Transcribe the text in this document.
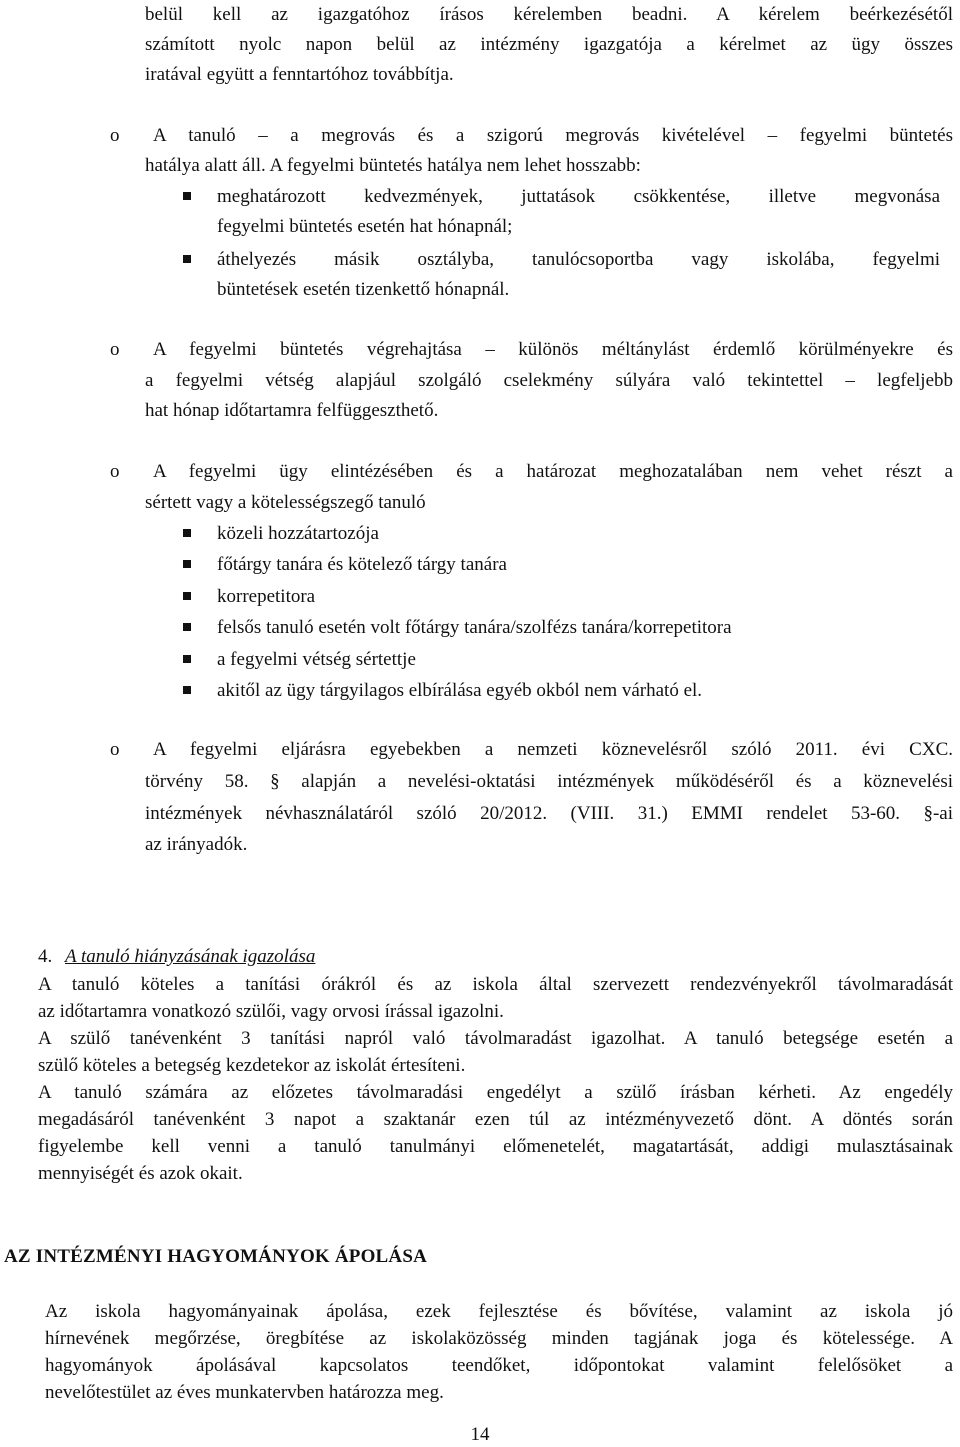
belül kell az igazgatóhoz írásos kérelemben beadni. A kérelem beérkezésétől
számított nyolc napon belül az intézmény igazgatója a kérelmet az ügy összes
iratával együtt a fenntartóhoz továbbítja.
o A tanuló – a megrovás és a szigorú megrovás kivételével – fegyelmi büntetés
hatálya alatt áll. A fegyelmi büntetés hatálya nem lehet hosszabb:
meghatározott kedvezmények, juttatások csökkentése, illetve megvonása
fegyelmi büntetés esetén hat hónapnál;
áthelyezés másik osztályba, tanulócsoportba vagy iskolába, fegyelmi
büntetések esetén tizenkettő hónapnál.
o A fegyelmi büntetés végrehajtása – különös méltánylást érdemlő körülményekre és
a fegyelmi vétség alapjául szolgáló cselekmény súlyára való tekintettel – legfeljebb
hat hónap időtartamra felfüggeszthető.
o A fegyelmi ügy elintézésében és a határozat meghozatalában nem vehet részt a
sértett vagy a kötelességszegő tanuló
közeli hozzátartozója
főtárgy tanára és kötelező tárgy tanára
korrepetitora
felsős tanuló esetén volt főtárgy tanára/szolfézs tanára/korrepetitora
a fegyelmi vétség sértettje
akitől az ügy tárgyilagos elbírálása egyéb okból nem várható el.
o A fegyelmi eljárásra egyebekben a nemzeti köznevelésről szóló 2011. évi CXC.
törvény 58. § alapján a nevelési-oktatási intézmények működéséről és a köznevelési
intézmények névhasználatáról szóló 20/2012. (VIII. 31.) EMMI rendelet 53-60. §-ai
az irányadók.
4. A tanuló hiányzásának igazolása
A tanuló köteles a tanítási órákról és az iskola által szervezett rendezvényekről távolmaradását
az időtartamra vonatkozó szülői, vagy orvosi írással igazolni.
A szülő tanévenként 3 tanítási napról való távolmaradást igazolhat. A tanuló betegsége esetén a
szülő köteles a betegség kezdetekor az iskolát értesíteni.
A tanuló számára az előzetes távolmaradási engedélyt a szülő írásban kérheti. Az engedély
megadásáról tanévenként 3 napot a szaktanár ezen túl az intézményvezető dönt. A döntés során
figyelembe kell venni a tanuló tanulmányi előmenetelét, magatartását, addigi mulasztásainak
mennyiségét és azok okait.
AZ INTÉZMÉNYI HAGYOMÁNYOK ÁPOLÁSA
Az iskola hagyományainak ápolása, ezek fejlesztése és bővítése, valamint az iskola jó
hírnevének megőrzése, öregbítése az iskolaközösség minden tagjának joga és kötelessége. A
hagyományok ápolásával kapcsolatos teendőket, időpontokat valamint felelősöket a
nevelőtestület az éves munkatervben határozza meg.
14
